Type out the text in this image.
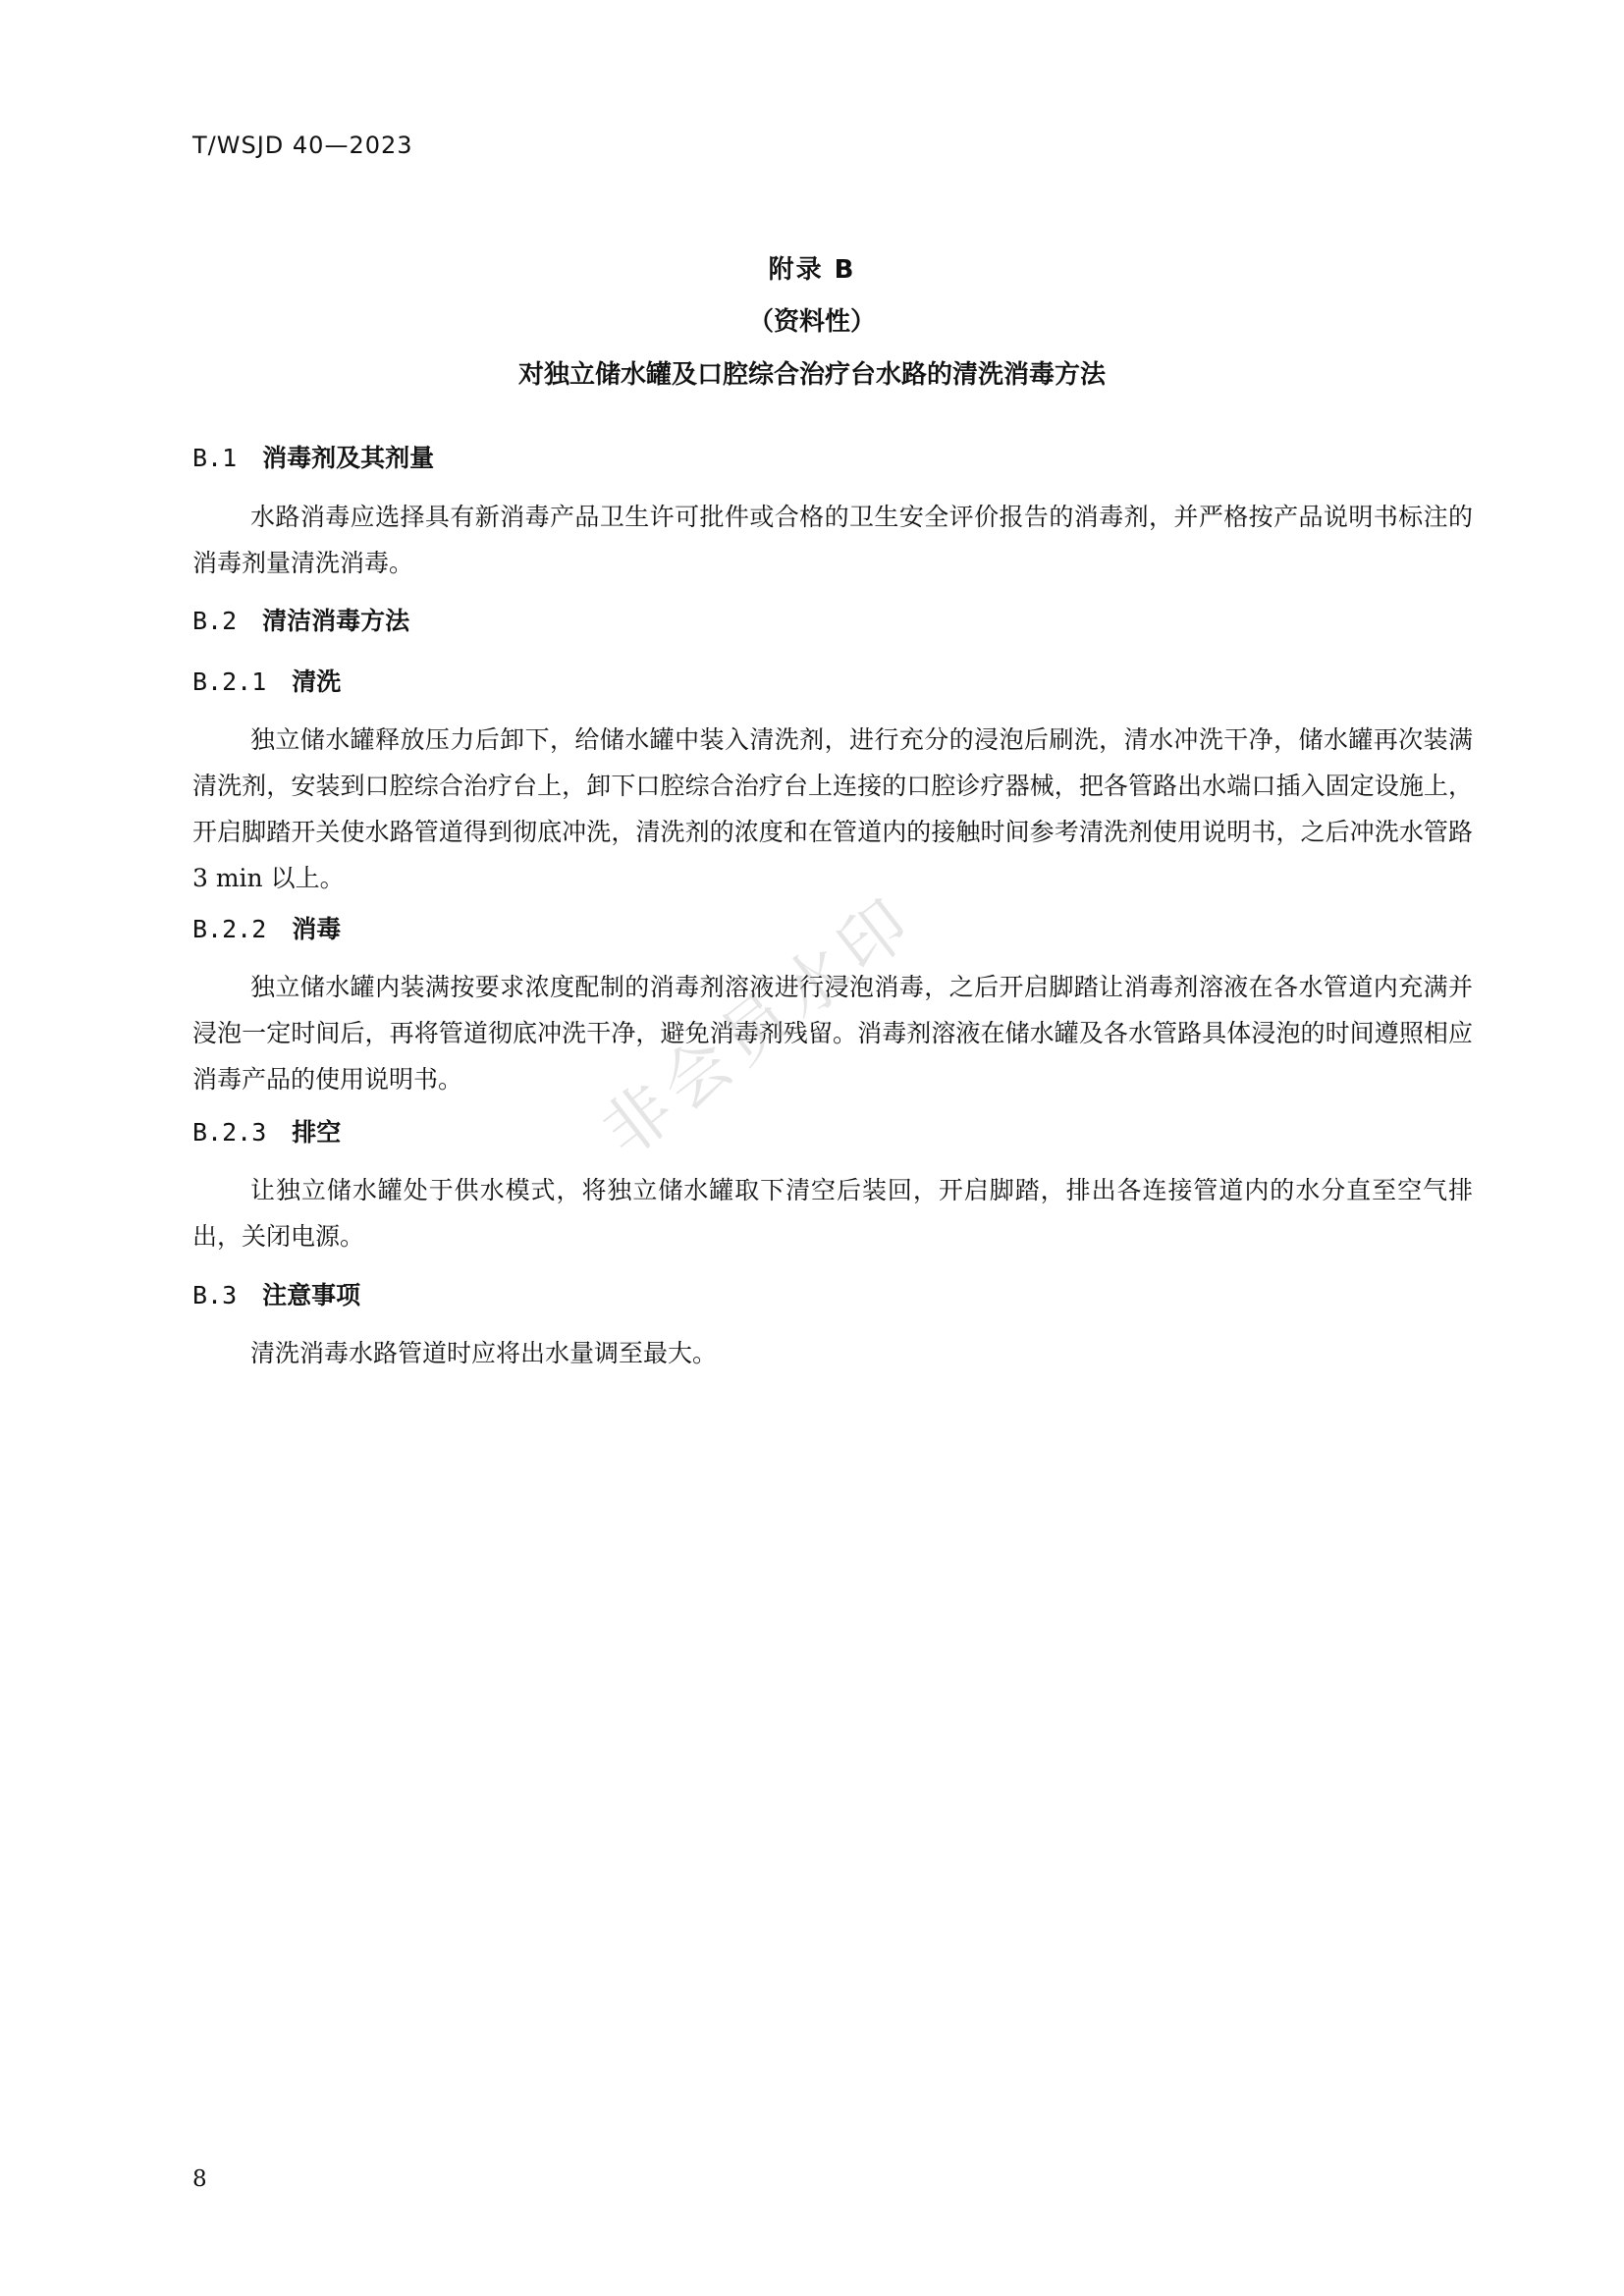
T/WSJD 40—2023

附录 B

（资料性）

对独立储水罐及口腔综合治疗台水路的清洗消毒方法

B.1 消毒剂及其剂量

水路消毒应选择具有新消毒产品卫生许可批件或合格的卫生安全评价报告的消毒剂，并严格按产品说明书标注的消毒剂量清洗消毒。

B.2 清洁消毒方法
B.2.1 清洗

独立储水罐释放压力后卸下，给储水罐中装入清洗剂，进行充分的浸泡后刷洗，清水冲洗干净，储水罐再次装满清洗剂，安装到口腔综合治疗台上，卸下口腔综合治疗台上连接的口腔诊疗器械，把各管路出水端口插入固定设施上，开启脚踏开关使水路管道得到彻底冲洗，清洗剂的浓度和在管道内的接触时间参考清洗剂使用说明书，之后冲洗水管路 3 min 以上。

B.2.2 消毒

独立储水罐内装满按要求浓度配制的消毒剂溶液进行浸泡消毒，之后开启脚踏让消毒剂溶液在各水管道内充满并浸泡一定时间后，再将管道彻底冲洗干净，避免消毒剂残留。消毒剂溶液在储水罐及各水管路具体浸泡的时间遵照相应消毒产品的使用说明书。

B.2.3 排空

让独立储水罐处于供水模式，将独立储水罐取下清空后装回，开启脚踏，排出各连接管道内的水分直至空气排出，关闭电源。

B.3 注意事项

清洗消毒水路管道时应将出水量调至最大。

非会员水印

8
